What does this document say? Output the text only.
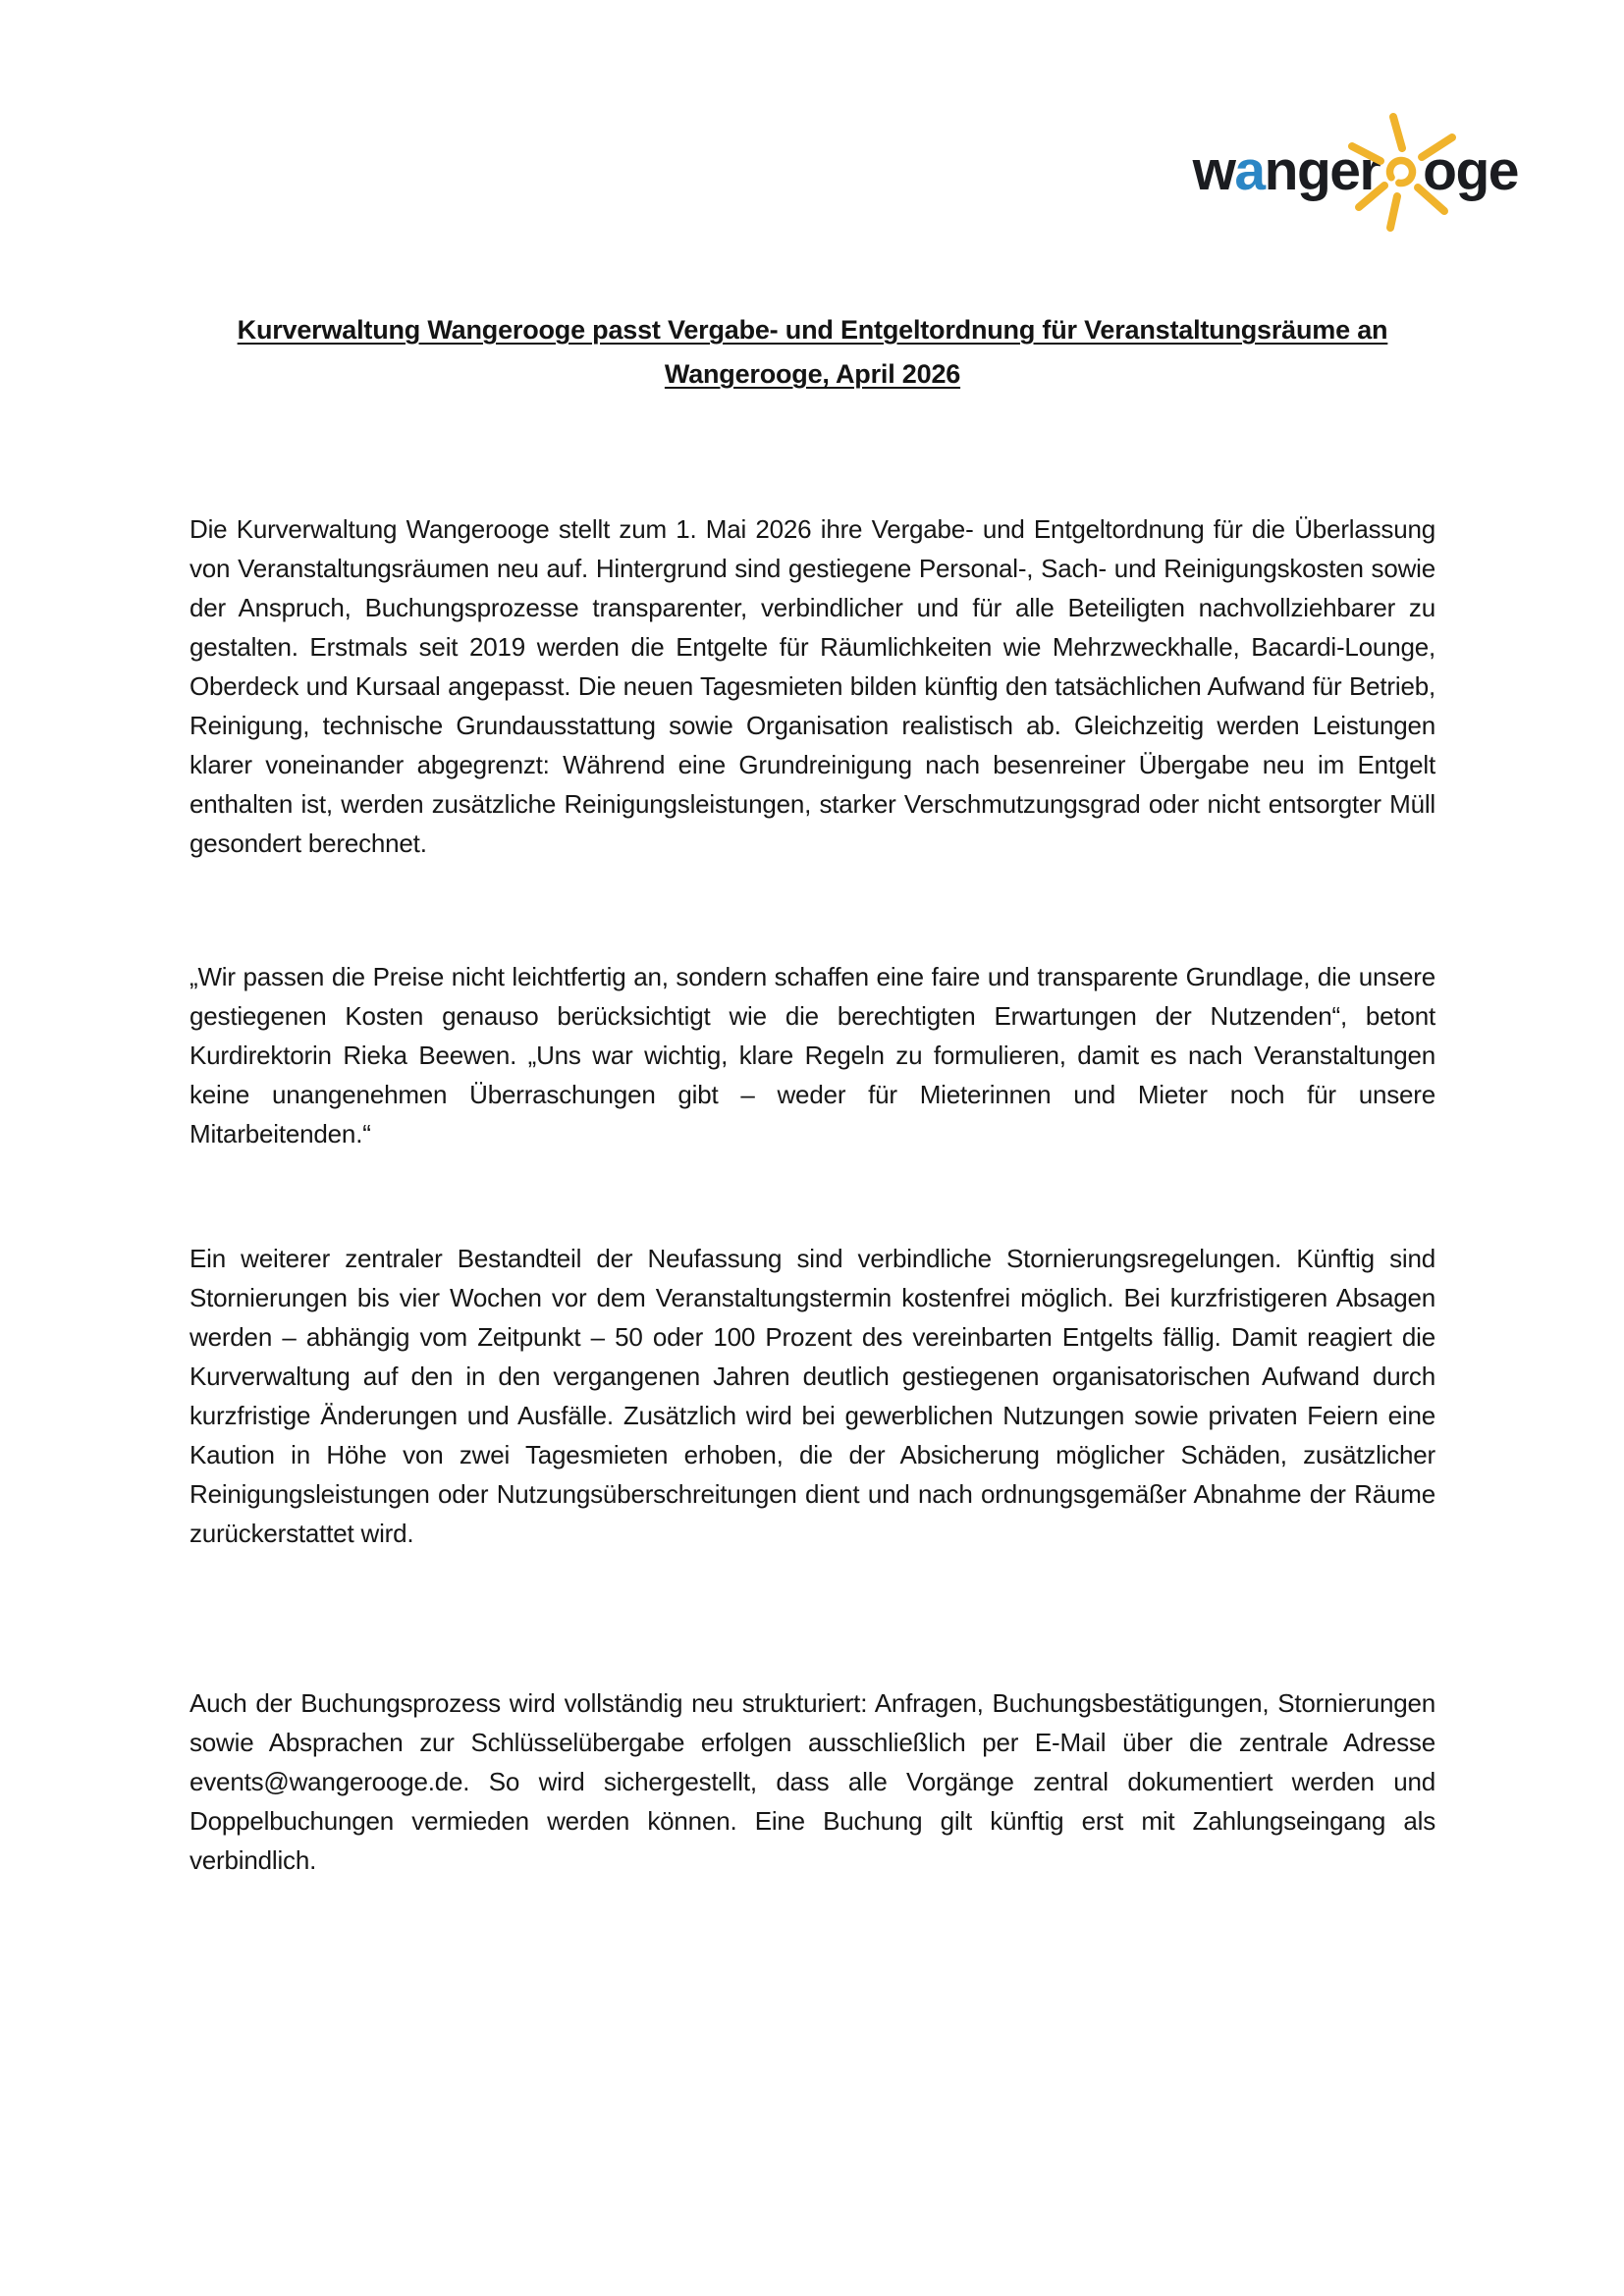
wanger oge
Kurverwaltung Wangerooge passt Vergabe- und Entgeltordnung für Veranstaltungsräume an
Wangerooge, April 2026

Die Kurverwaltung Wangerooge stellt zum 1. Mai 2026 ihre Vergabe- und Entgeltordnung für die Überlassung von Veranstaltungsräumen neu auf. Hintergrund sind gestiegene Personal-, Sach- und Reinigungskosten sowie der Anspruch, Buchungsprozesse transparenter, verbindlicher und für alle Beteiligten nachvollziehbarer zu gestalten. Erstmals seit 2019 werden die Entgelte für Räumlichkeiten wie Mehrzweckhalle, Bacardi-Lounge, Oberdeck und Kursaal angepasst. Die neuen Tagesmieten bilden künftig den tatsächlichen Aufwand für Betrieb, Reinigung, technische Grundausstattung sowie Organisation realistisch ab. Gleichzeitig werden Leistungen klarer voneinander abgegrenzt: Während eine Grundreinigung nach besenreiner Übergabe neu im Entgelt enthalten ist, werden zusätzliche Reinigungsleistungen, starker Verschmutzungsgrad oder nicht entsorgter Müll gesondert berechnet.

„Wir passen die Preise nicht leichtfertig an, sondern schaffen eine faire und transparente Grundlage, die unsere gestiegenen Kosten genauso berücksichtigt wie die berechtigten Erwartungen der Nutzenden“, betont Kurdirektorin Rieka Beewen. „Uns war wichtig, klare Regeln zu formulieren, damit es nach Veranstaltungen keine unangenehmen Überraschungen gibt – weder für Mieterinnen und Mieter noch für unsere Mitarbeitenden.“

Ein weiterer zentraler Bestandteil der Neufassung sind verbindliche Stornierungsregelungen. Künftig sind Stornierungen bis vier Wochen vor dem Veranstaltungstermin kostenfrei möglich. Bei kurzfristigeren Absagen werden – abhängig vom Zeitpunkt – 50 oder 100 Prozent des vereinbarten Entgelts fällig. Damit reagiert die Kurverwaltung auf den in den vergangenen Jahren deutlich gestiegenen organisatorischen Aufwand durch kurzfristige Änderungen und Ausfälle. Zusätzlich wird bei gewerblichen Nutzungen sowie privaten Feiern eine Kaution in Höhe von zwei Tagesmieten erhoben, die der Absicherung möglicher Schäden, zusätzlicher Reinigungsleistungen oder Nutzungsüberschreitungen dient und nach ordnungsgemäßer Abnahme der Räume zurückerstattet wird.

Auch der Buchungsprozess wird vollständig neu strukturiert: Anfragen, Buchungsbestätigungen, Stornierungen sowie Absprachen zur Schlüsselübergabe erfolgen ausschließlich per E-Mail über die zentrale Adresse events@wangerooge.de. So wird sichergestellt, dass alle Vorgänge zentral dokumentiert werden und Doppelbuchungen vermieden werden können. Eine Buchung gilt künftig erst mit Zahlungseingang als verbindlich.
